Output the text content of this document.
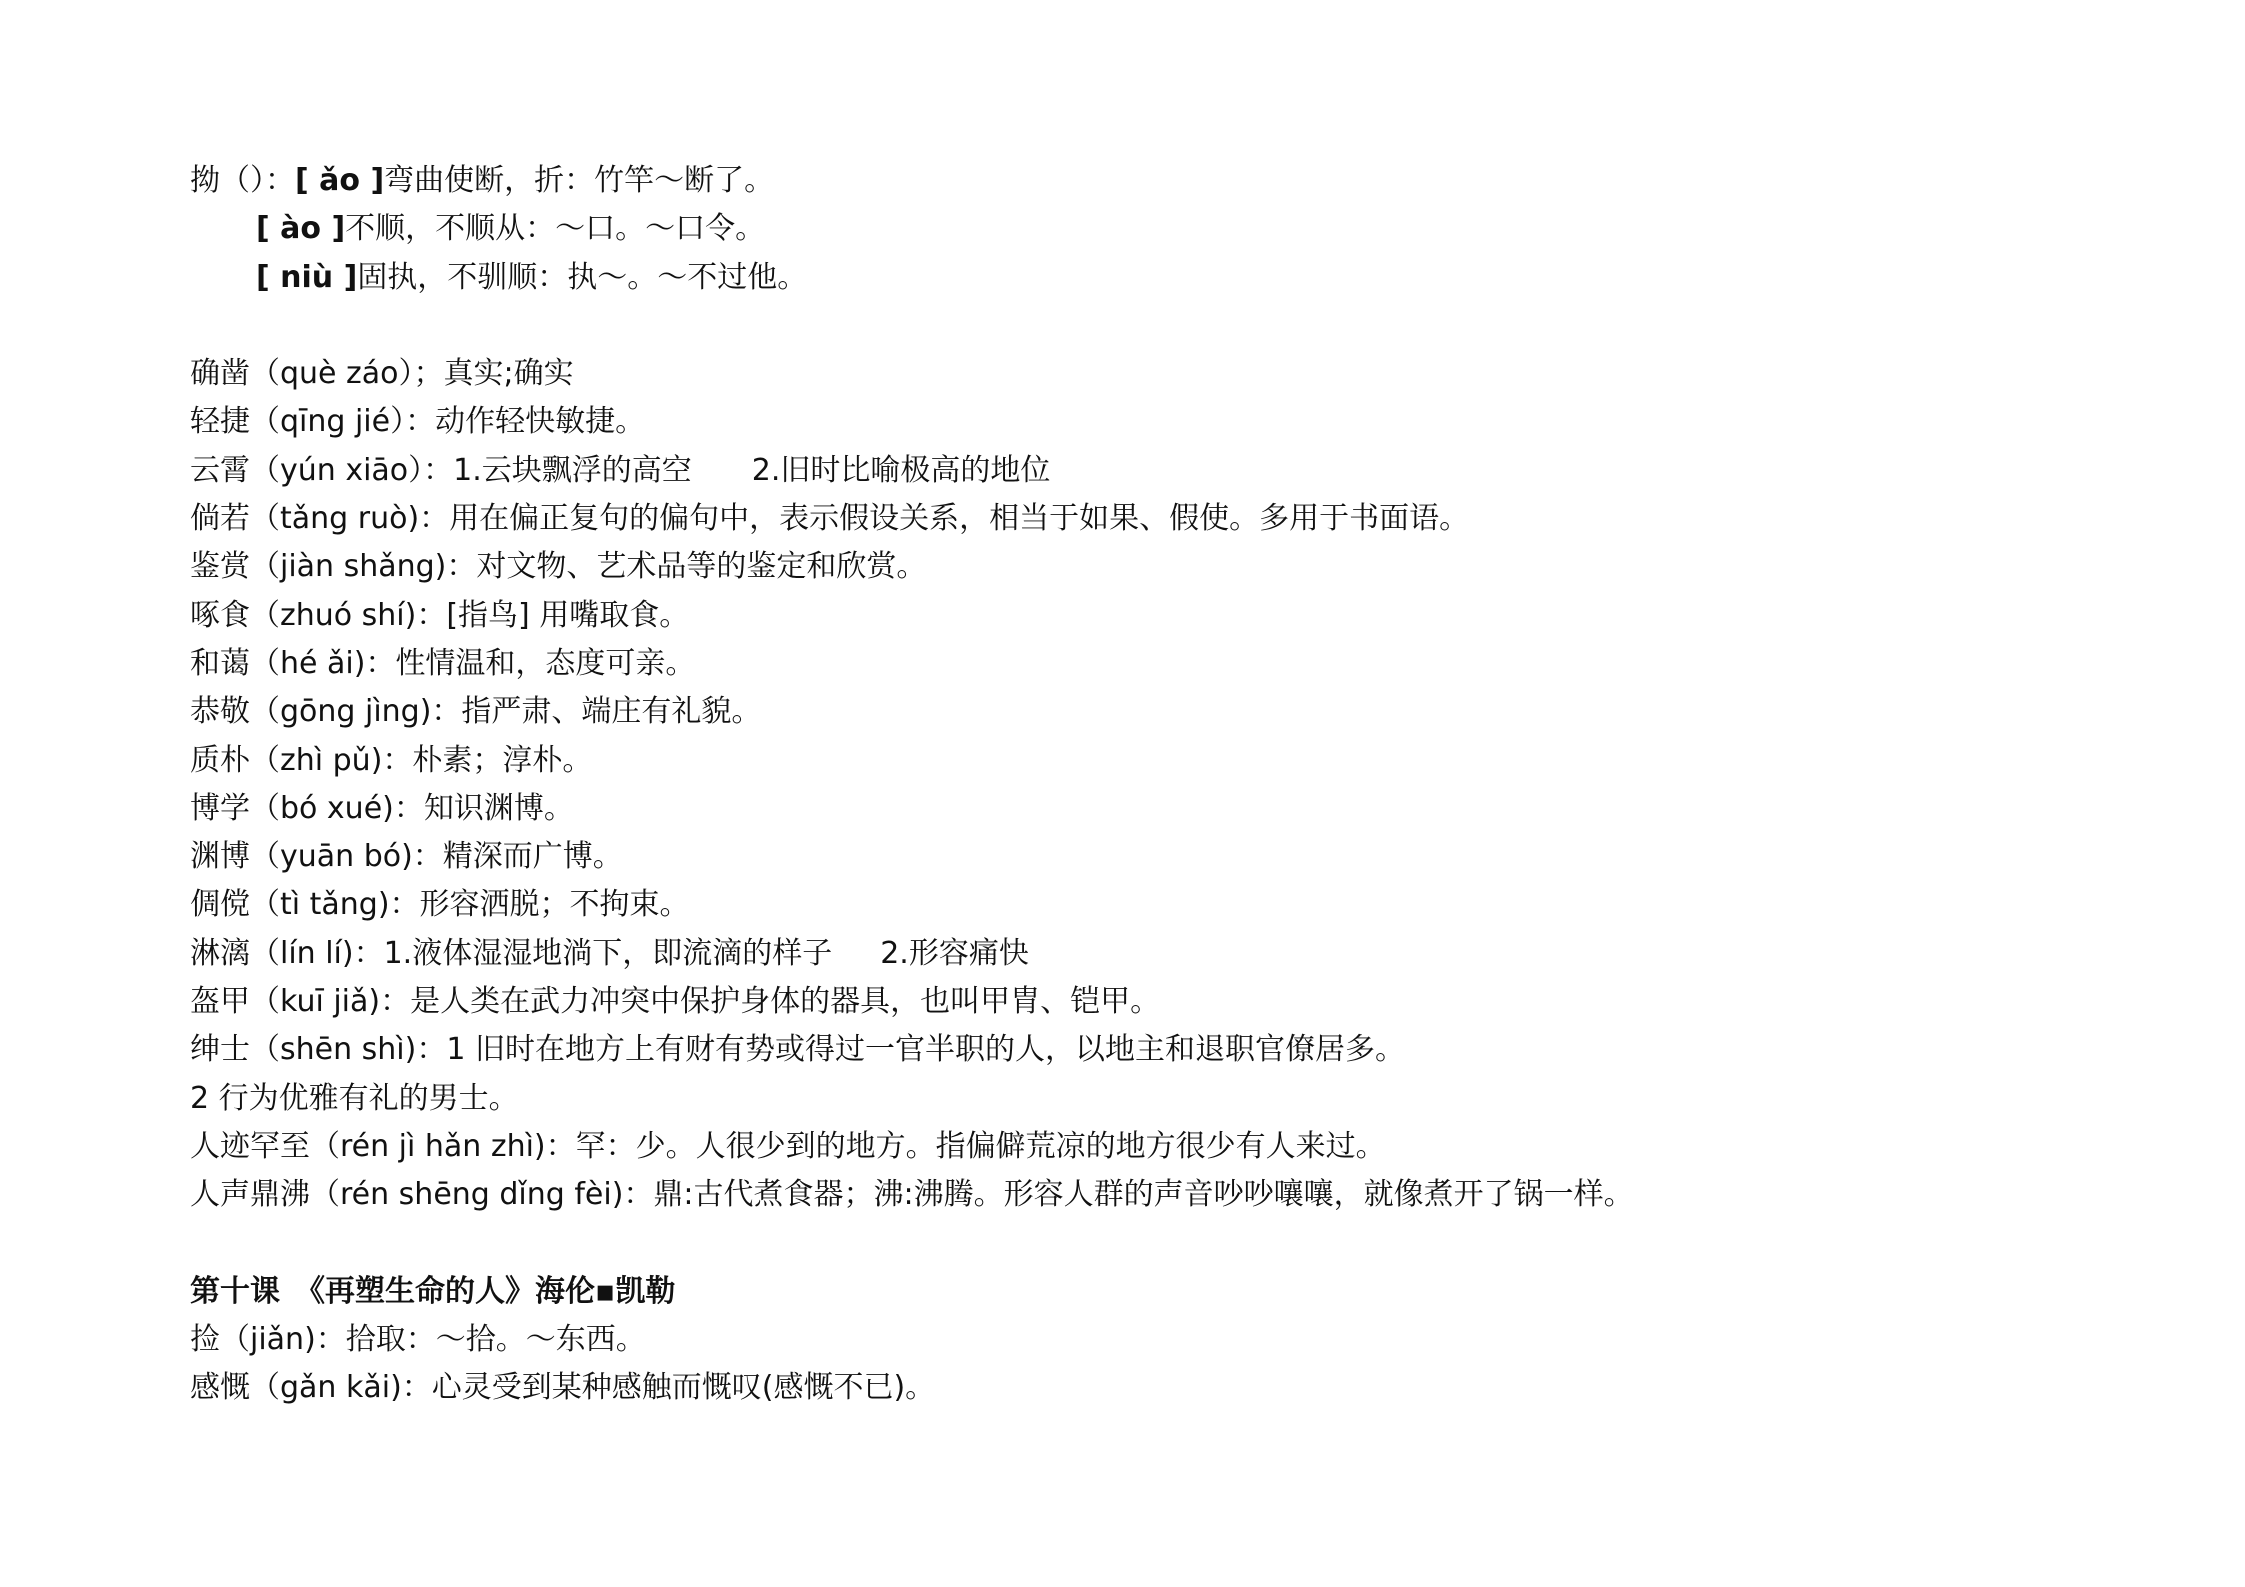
拗（）：[ ǎo ]弯曲使断，折：竹竿～断了。
[ ào ]不顺，不顺从：～口。～口令。
[ niù ]固执，不驯顺：执～。～不过他。
确凿（què záo）；真实;确实
轻捷（qīng jié）：动作轻快敏捷。
云霄（yún xiāo）：1.云块飘浮的高空 2.旧时比喻极高的地位
倘若（tǎng ruò)：用在偏正复句的偏句中，表示假设关系，相当于如果、假使。多用于书面语。
鉴赏（jiàn shǎng)：对文物、艺术品等的鉴定和欣赏。
啄食（zhuó shí)：[指鸟] 用嘴取食。
和蔼（hé ǎi)：性情温和，态度可亲。
恭敬（gōng jìng)：指严肃、端庄有礼貌。
质朴（zhì pǔ)：朴素；淳朴。
博学（bó xué)：知识渊博。
渊博（yuān bó)：精深而广博。
倜傥（tì tǎng)：形容洒脱；不拘束。
淋漓（lín lí)：1.液体湿湿地淌下，即流滴的样子 2.形容痛快
盔甲（kuī jiǎ)：是人类在武力冲突中保护身体的器具，也叫甲胄、铠甲。
绅士（shēn shì)：1 旧时在地方上有财有势或得过一官半职的人，以地主和退职官僚居多。
2 行为优雅有礼的男士。
人迹罕至（rén jì hǎn zhì)：罕：少。人很少到的地方。指偏僻荒凉的地方很少有人来过。
人声鼎沸（rén shēng dǐng fèi)：鼎:古代煮食器；沸:沸腾。形容人群的声音吵吵嚷嚷，就像煮开了锅一样。
第十课　《再塑生命的人》海伦▪凯勒
捡（jiǎn)：拾取：～拾。～东西。
感慨（gǎn kǎi)：心灵受到某种感触而慨叹(感慨不已)。
